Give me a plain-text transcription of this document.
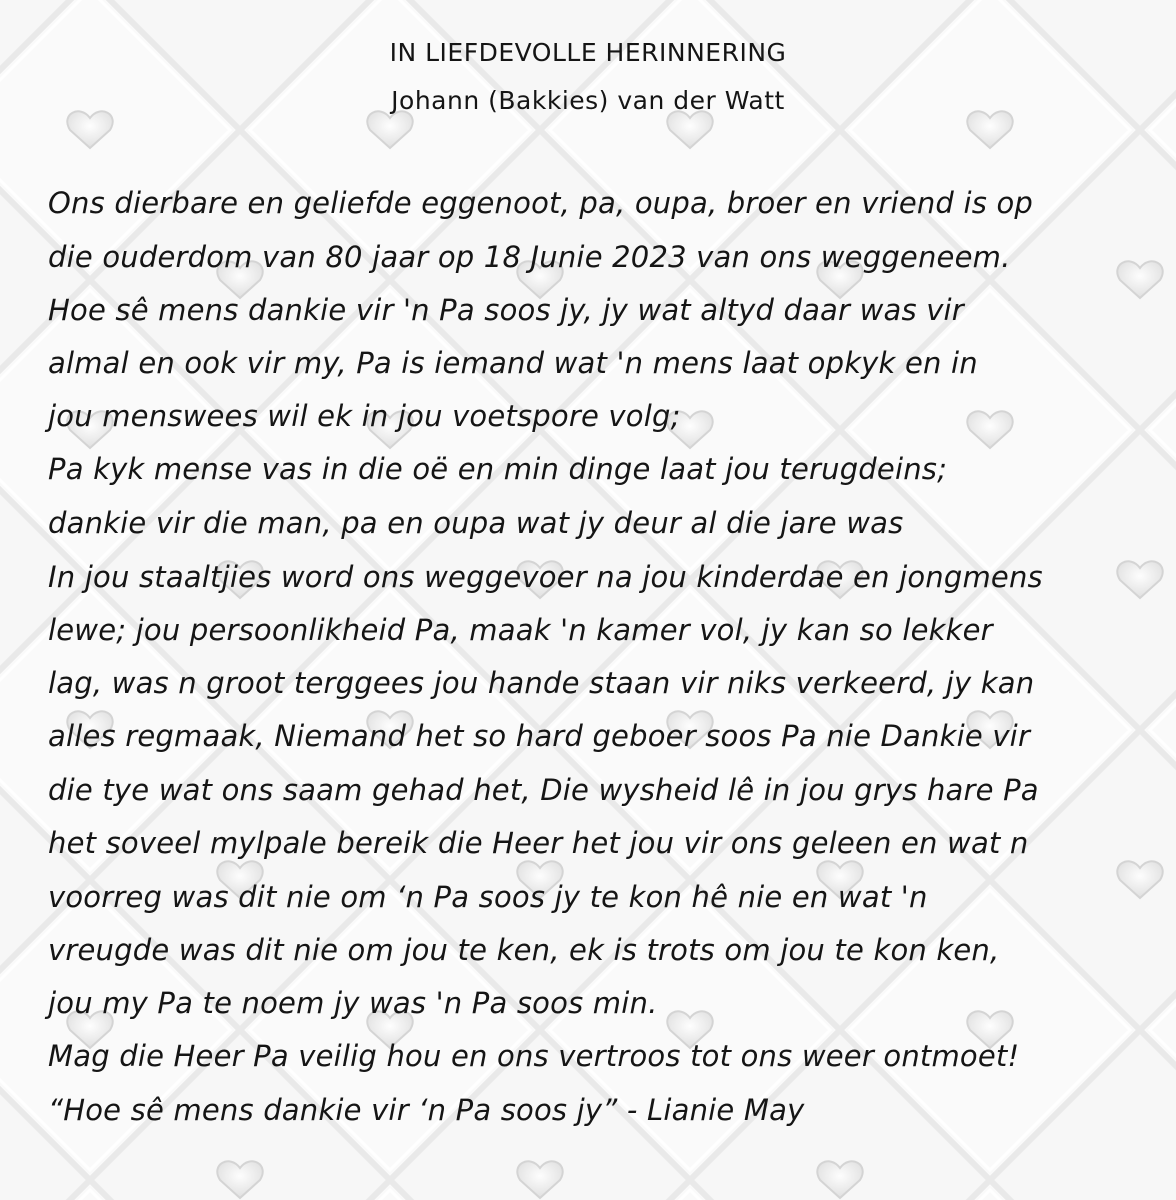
IN LIEFDEVOLLE HERINNERING
Johann (Bakkies) van der Watt
Ons dierbare en geliefde eggenoot, pa, oupa, broer en vriend is op
die ouderdom van 80 jaar op 18 Junie 2023 van ons weggeneem.
Hoe sê mens dankie vir 'n Pa soos jy, jy wat altyd daar was vir
almal en ook vir my, Pa is iemand wat 'n mens laat opkyk en in
jou menswees wil ek in jou voetspore volg;
Pa kyk mense vas in die oë en min dinge laat jou terugdeins;
dankie vir die man, pa en oupa wat jy deur al die jare was
In jou staaltjies word ons weggevoer na jou kinderdae en jongmens
lewe; jou persoonlikheid Pa, maak 'n kamer vol, jy kan so lekker
lag, was n groot terggees jou hande staan vir niks verkeerd, jy kan
alles regmaak, Niemand het so hard geboer soos Pa nie Dankie vir
die tye wat ons saam gehad het, Die wysheid lê in jou grys hare Pa
het soveel mylpale bereik die Heer het jou vir ons geleen en wat n
voorreg was dit nie om ‘n Pa soos jy te kon hê nie en wat 'n
vreugde was dit nie om jou te ken, ek is trots om jou te kon ken,
jou my Pa te noem jy was 'n Pa soos min.
Mag die Heer Pa veilig hou en ons vertroos tot ons weer ontmoet!
“Hoe sê mens dankie vir ‘n Pa soos jy” - Lianie May
